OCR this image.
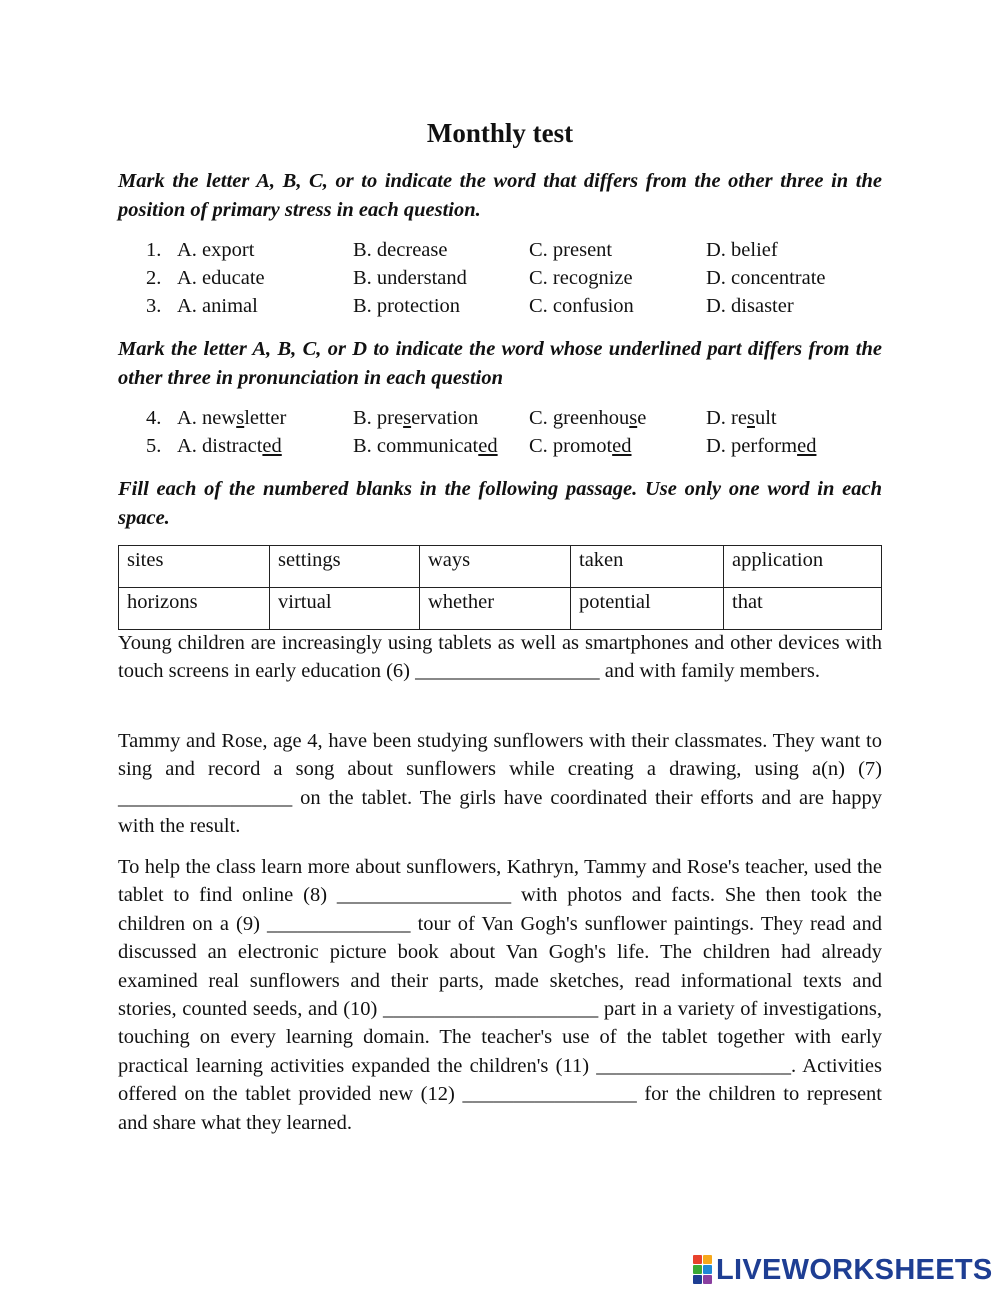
Monthly test
Mark the letter A, B, C, or to indicate the word that differs from the other three in the position of primary stress in each question.
1. A. export	B. decrease	C. present	D. belief
2. A. educate	B. understand	C. recognize	D. concentrate
3. A. animal	B. protection	C. confusion	D. disaster
Mark the letter A, B, C, or D to indicate the word whose underlined part differs from the other three in pronunciation in each question
4. A. newsletter	B. preservation C. greenhouse	D. result
5. A. distracted	B. communicated C. promoted	D. performed
Fill each of the numbered blanks in the following passage. Use only one word in each space.
sites	settings	ways	taken	application
horizons	virtual	whether	potential	that

Young children are increasingly using tablets as well as smartphones and other devices with touch screens in early education (6) __________________ and with family members.

Tammy and Rose, age 4, have been studying sunflowers with their classmates. They want to sing and record a song about sunflowers while creating a drawing, using a(n) (7) _________________ on the tablet. The girls have coordinated their efforts and are happy with the result.

To help the class learn more about sunflowers, Kathryn, Tammy and Rose's teacher, used the tablet to find online (8) _________________ with photos and facts. She then took the children on a (9) ______________ tour of Van Gogh's sunflower paintings. They read and discussed an electronic picture book about Van Gogh's life. The children had already examined real sunflowers and their parts, made sketches, read informational texts and stories, counted seeds, and (10) _____________________ part in a variety of investigations, touching on every learning domain. The teacher's use of the tablet together with early practical learning activities expanded the children's (11) ___________________. Activities offered on the tablet provided new (12) _________________ for the children to represent and share what they learned.

LIVEWORKSHEETS
